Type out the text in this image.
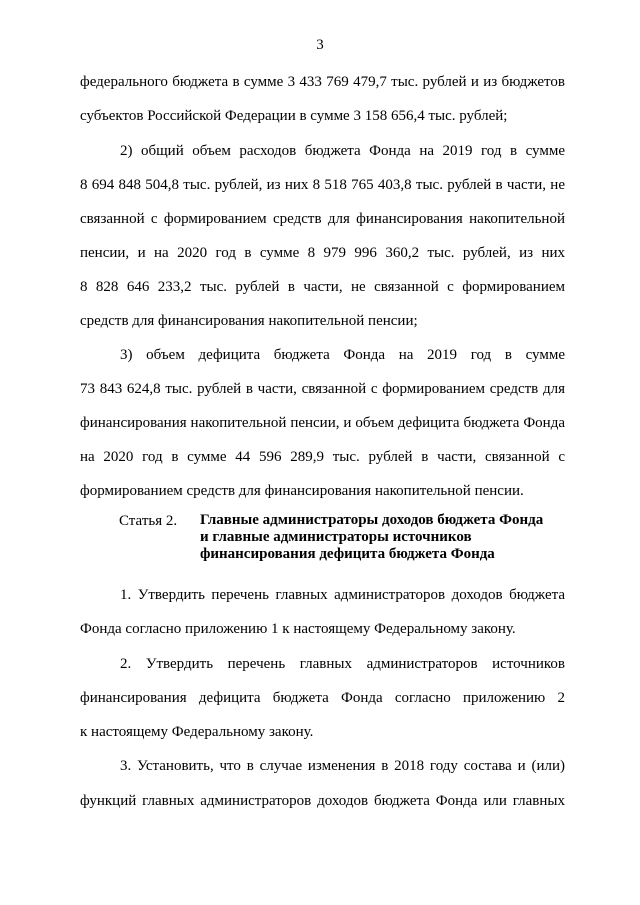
3
федерального бюджета в сумме 3 433 769 479,7 тыс. рублей и из бюджетов
субъектов Российской Федерации в сумме 3 158 656,4 тыс. рублей;
2) общий объем расходов бюджета Фонда на 2019 год в сумме
8 694 848 504,8 тыс. рублей, из них 8 518 765 403,8 тыс. рублей в части, не
связанной с формированием средств для финансирования накопительной
пенсии, и на 2020 год в сумме 8 979 996 360,2 тыс. рублей, из них
8 828 646 233,2 тыс. рублей в части, не связанной с формированием
средств для финансирования накопительной пенсии;
3) объем дефицита бюджета Фонда на 2019 год в сумме
73 843 624,8 тыс. рублей в части, связанной с формированием средств для
финансирования накопительной пенсии, и объем дефицита бюджета Фонда
на 2020 год в сумме 44 596 289,9 тыс. рублей в части, связанной с
формированием средств для финансирования накопительной пенсии.
Статья 2. Главные администраторы доходов бюджета Фонда
и главные администраторы источников
финансирования дефицита бюджета Фонда
1. Утвердить перечень главных администраторов доходов бюджета
Фонда согласно приложению 1 к настоящему Федеральному закону.
2. Утвердить перечень главных администраторов источников
финансирования дефицита бюджета Фонда согласно приложению 2
к настоящему Федеральному закону.
3. Установить, что в случае изменения в 2018 году состава и (или)
функций главных администраторов доходов бюджета Фонда или главных
